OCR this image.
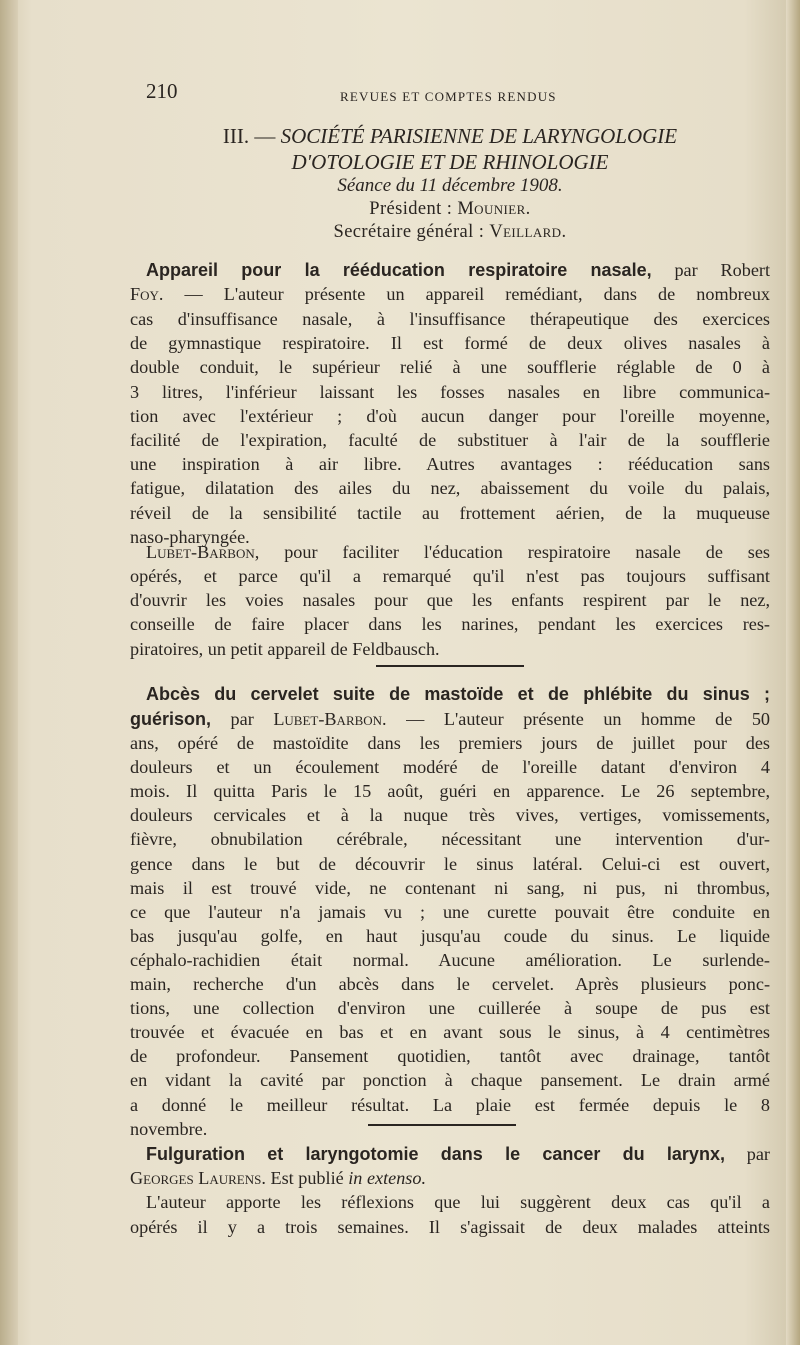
210	REVUES ET COMPTES RENDUS
III. — SOCIÉTÉ PARISIENNE DE LARYNGOLOGIE
D'OTOLOGIE ET DE RHINOLOGIE
Séance du 11 décembre 1908.
Président : Mounier.
Secrétaire général : Veillard.
Appareil pour la rééducation respiratoire nasale, par Robert
Foy. — L'auteur présente un appareil remédiant, dans de nombreux
cas d'insuffisance nasale, à l'insuffisance thérapeutique des exercices
de gymnastique respiratoire. Il est formé de deux olives nasales à
double conduit, le supérieur relié à une soufflerie réglable de 0 à
3 litres, l'inférieur laissant les fosses nasales en libre communica-
tion avec l'extérieur ; d'où aucun danger pour l'oreille moyenne,
facilité de l'expiration, faculté de substituer à l'air de la soufflerie
une inspiration à air libre. Autres avantages : rééducation sans
fatigue, dilatation des ailes du nez, abaissement du voile du palais,
réveil de la sensibilité tactile au frottement aérien, de la muqueuse
naso-pharyngée.
Lubet-Barbon, pour faciliter l'éducation respiratoire nasale de ses
opérés, et parce qu'il a remarqué qu'il n'est pas toujours suffisant
d'ouvrir les voies nasales pour que les enfants respirent par le nez,
conseille de faire placer dans les narines, pendant les exercices res-
piratoires, un petit appareil de Feldbausch.
Abcès du cervelet suite de mastoïde et de phlébite du sinus ;
guérison, par Lubet-Barbon. — L'auteur présente un homme de 50
ans, opéré de mastoïdite dans les premiers jours de juillet pour des
douleurs et un écoulement modéré de l'oreille datant d'environ 4
mois. Il quitta Paris le 15 août, guéri en apparence. Le 26 septembre,
douleurs cervicales et à la nuque très vives, vertiges, vomissements,
fièvre, obnubilation cérébrale, nécessitant une intervention d'ur-
gence dans le but de découvrir le sinus latéral. Celui-ci est ouvert,
mais il est trouvé vide, ne contenant ni sang, ni pus, ni thrombus,
ce que l'auteur n'a jamais vu ; une curette pouvait être conduite en
bas jusqu'au golfe, en haut jusqu'au coude du sinus. Le liquide
céphalo-rachidien était normal. Aucune amélioration. Le surlende-
main, recherche d'un abcès dans le cervelet. Après plusieurs ponc-
tions, une collection d'environ une cuillerée à soupe de pus est
trouvée et évacuée en bas et en avant sous le sinus, à 4 centimètres
de profondeur. Pansement quotidien, tantôt avec drainage, tantôt
en vidant la cavité par ponction à chaque pansement. Le drain armé
a donné le meilleur résultat. La plaie est fermée depuis le 8
novembre.
Fulguration et laryngotomie dans le cancer du larynx, par
Georges Laurens. Est publié in extenso.
L'auteur apporte les réflexions que lui suggèrent deux cas qu'il a
opérés il y a trois semaines. Il s'agissait de deux malades atteints
